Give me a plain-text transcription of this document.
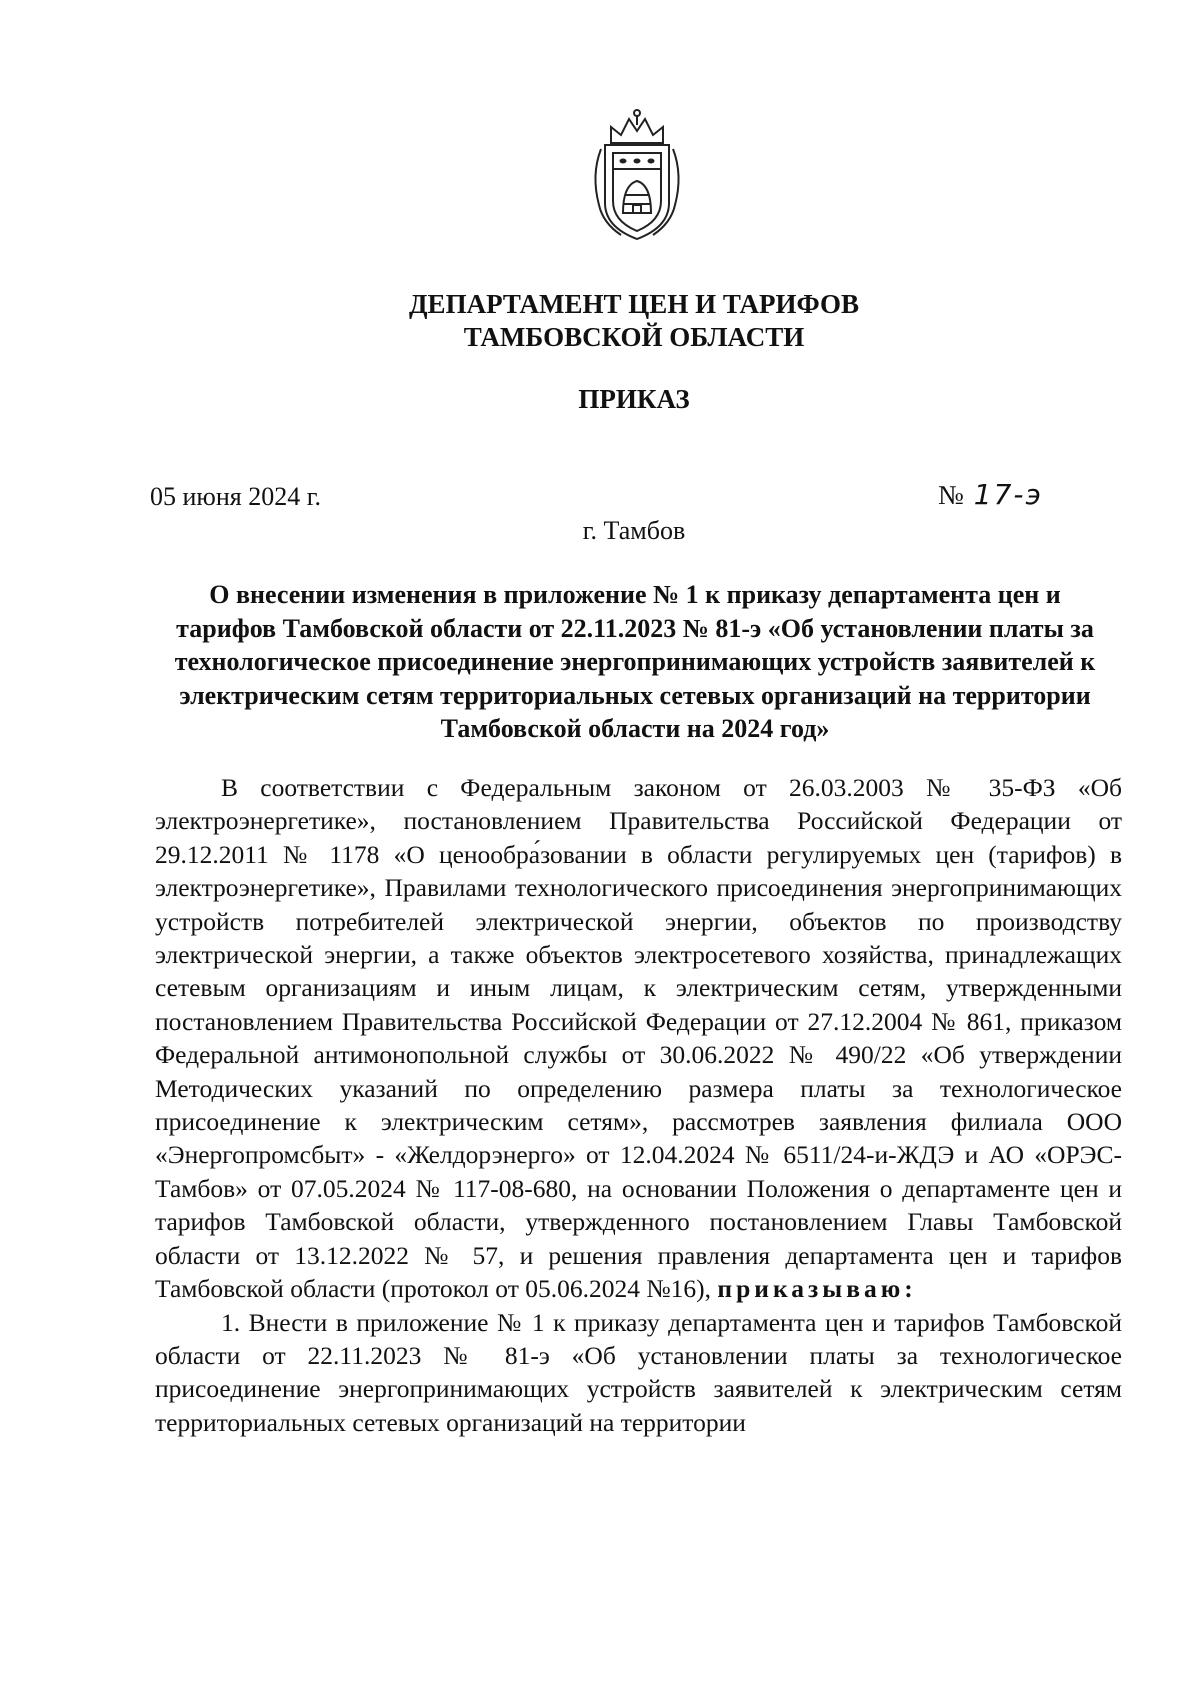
ДЕПАРТАМЕНТ ЦЕН И ТАРИФОВ
ТАМБОВСКОЙ ОБЛАСТИ
ПРИКАЗ
05 июня 2024 г.	№ 17-э
г. Тамбов
О внесении изменения в приложение № 1 к приказу департамента цен и тарифов Тамбовской области от 22.11.2023 № 81-э «Об установлении платы за технологическое присоединение энергопринимающих устройств заявителей к электрическим сетям территориальных сетевых организаций на территории Тамбовской области на 2024 год»

В соответствии с Федеральным законом от 26.03.2003 № 35-ФЗ «Об электроэнергетике», постановлением Правительства Российской Федерации от 29.12.2011 № 1178 «О ценообра́зовании в области регулируемых цен (тарифов) в электроэнергетике», Правилами технологического присоединения энергопринимающих устройств потребителей электрической энергии, объектов по производству электрической энергии, а также объектов электросетевого хозяйства, принадлежащих сетевым организациям и иным лицам, к электрическим сетям, утвержденными постановлением Правительства Российской Федерации от 27.12.2004 № 861, приказом Федеральной антимонопольной службы от 30.06.2022 № 490/22 «Об утверждении Методических указаний по определению размера платы за технологическое присоединение к электрическим сетям», рассмотрев заявления филиала ООО «Энергопромсбыт» - «Желдорэнерго» от 12.04.2024 № 6511/24-и-ЖДЭ и АО «ОРЭС-Тамбов» от 07.05.2024 № 117-08-680, на основании Положения о департаменте цен и тарифов Тамбовской области, утвержденного постановлением Главы Тамбовской области от 13.12.2022 № 57, и решения правления департамента цен и тарифов Тамбовской области (протокол от 05.06.2024 №16), приказываю:

1. Внести в приложение № 1 к приказу департамента цен и тарифов Тамбовской области от 22.11.2023 № 81-э «Об установлении платы за технологическое присоединение энергопринимающих устройств заявителей к электрическим сетям территориальных сетевых организаций на территории
